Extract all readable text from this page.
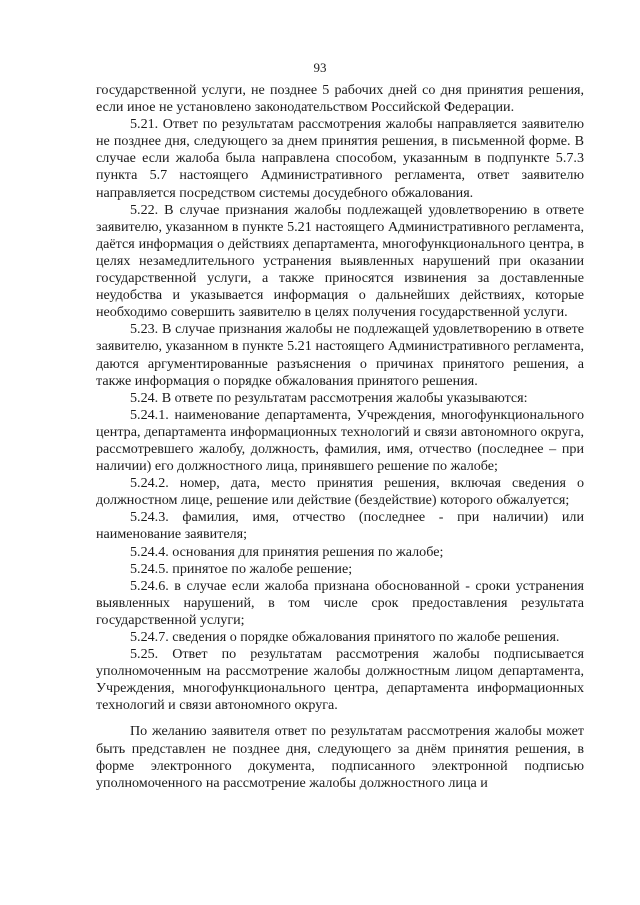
93

государственной услуги, не позднее 5 рабочих дней со дня принятия решения, если иное не установлено законодательством Российской Федерации.

5.21. Ответ по результатам рассмотрения жалобы направляется заявителю не позднее дня, следующего за днем принятия решения, в письменной форме. В случае если жалоба была направлена способом, указанным в подпункте 5.7.3 пункта 5.7 настоящего Административного регламента, ответ заявителю направляется посредством системы досудебного обжалования.

5.22. В случае признания жалобы подлежащей удовлетворению в ответе заявителю, указанном в пункте 5.21 настоящего Административного регламента, даётся информация о действиях департамента, многофункционального центра, в целях незамедлительного устранения выявленных нарушений при оказании государственной услуги, а также приносятся извинения за доставленные неудобства и указывается информация о дальнейших действиях, которые необходимо совершить заявителю в целях получения государственной услуги.

5.23. В случае признания жалобы не подлежащей удовлетворению в ответе заявителю, указанном в пункте 5.21 настоящего Административного регламента, даются аргументированные разъяснения о причинах принятого решения, а также информация о порядке обжалования принятого решения.

5.24. В ответе по результатам рассмотрения жалобы указываются:

5.24.1. наименование департамента, Учреждения, многофункционального центра, департамента информационных технологий и связи автономного округа, рассмотревшего жалобу, должность, фамилия, имя, отчество (последнее – при наличии) его должностного лица, принявшего решение по жалобе;

5.24.2. номер, дата, место принятия решения, включая сведения о должностном лице, решение или действие (бездействие) которого обжалуется;

5.24.3. фамилия, имя, отчество (последнее - при наличии) или наименование заявителя;

5.24.4. основания для принятия решения по жалобе;

5.24.5. принятое по жалобе решение;

5.24.6. в случае если жалоба признана обоснованной - сроки устранения выявленных нарушений, в том числе срок предоставления результата государственной услуги;

5.24.7. сведения о порядке обжалования принятого по жалобе решения.

5.25. Ответ по результатам рассмотрения жалобы подписывается уполномоченным на рассмотрение жалобы должностным лицом департамента, Учреждения, многофункционального центра, департамента информационных технологий и связи автономного округа.

По желанию заявителя ответ по результатам рассмотрения жалобы может быть представлен не позднее дня, следующего за днём принятия решения, в форме электронного документа, подписанного электронной подписью уполномоченного на рассмотрение жалобы должностного лица и
